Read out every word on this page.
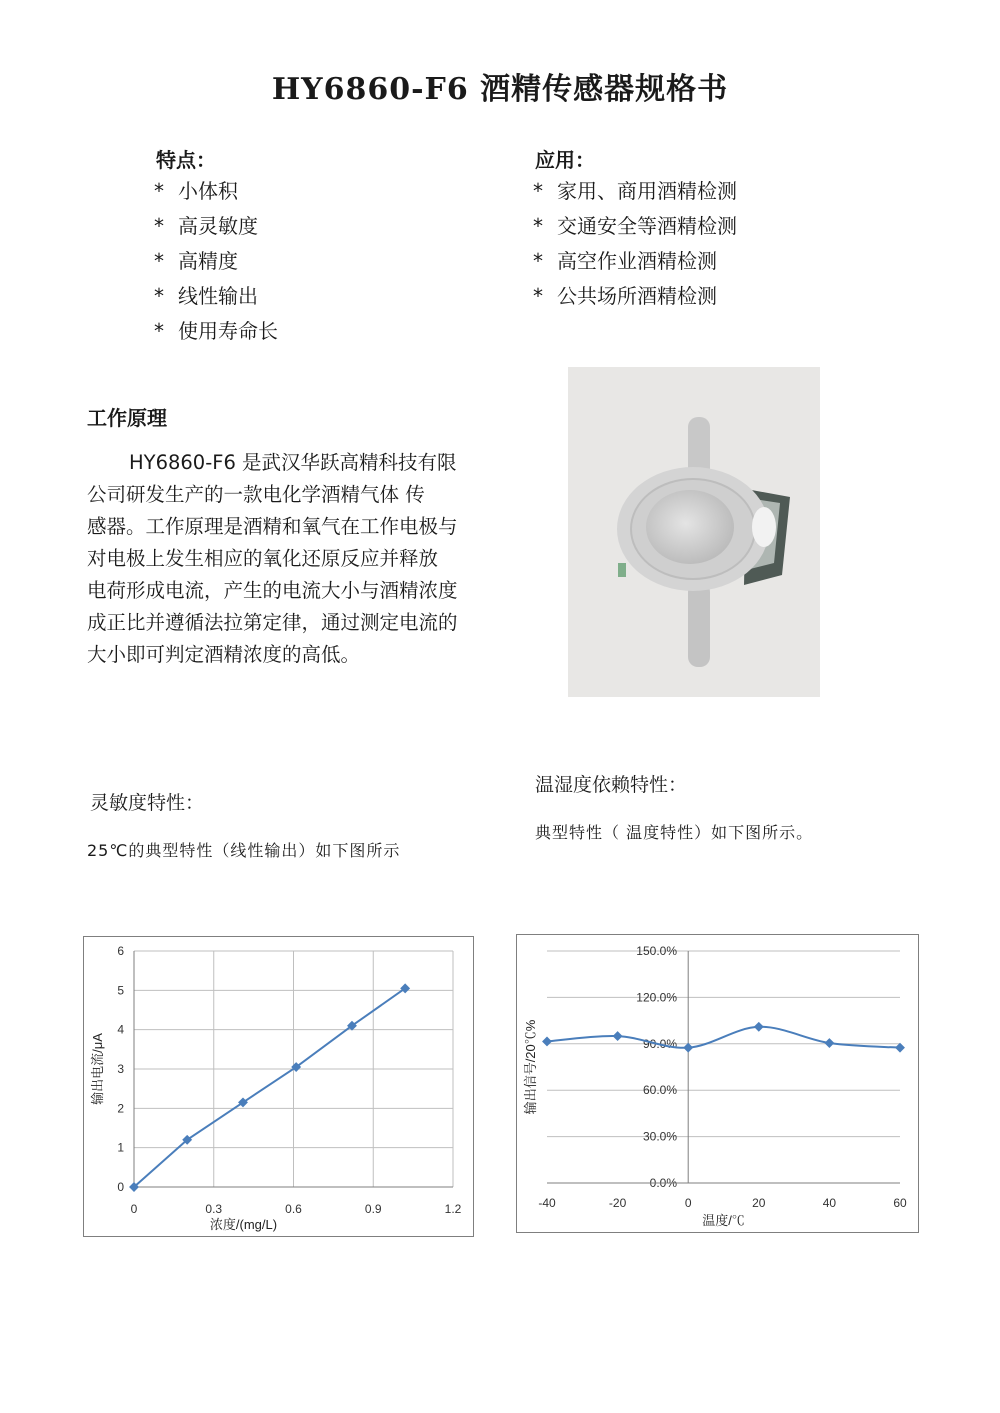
HY6860-F6 酒精传感器规格书
特点：
* 小体积
* 高灵敏度
* 高精度
* 线性输出
* 使用寿命长
应用：
* 家用、商用酒精检测
* 交通安全等酒精检测
* 高空作业酒精检测
* 公共场所酒精检测
工作原理
HY6860-F6 是武汉华跃高精科技有限
公司研发生产的一款电化学酒精气体 传
感器。工作原理是酒精和氧气在工作电极与
对电极上发生相应的氧化还原反应并释放
电荷形成电流，产生的电流大小与酒精浓度
成正比并遵循法拉第定律，通过测定电流的
大小即可判定酒精浓度的高低。
灵敏度特性：
25℃的典型特性（线性输出）如下图所示
温湿度依赖特性：
典型特性（ 温度特性）如下图所示。
0
1
2
3
4
5
6
0	0.3	0.6	0.9	1.2
浓度/(mg/L)
输出电流/μA
0.0%
30.0%
60.0%
90.0%
120.0%
150.0%
-40	-20	0	20	40	60
温度/℃
输出信号/20℃%
